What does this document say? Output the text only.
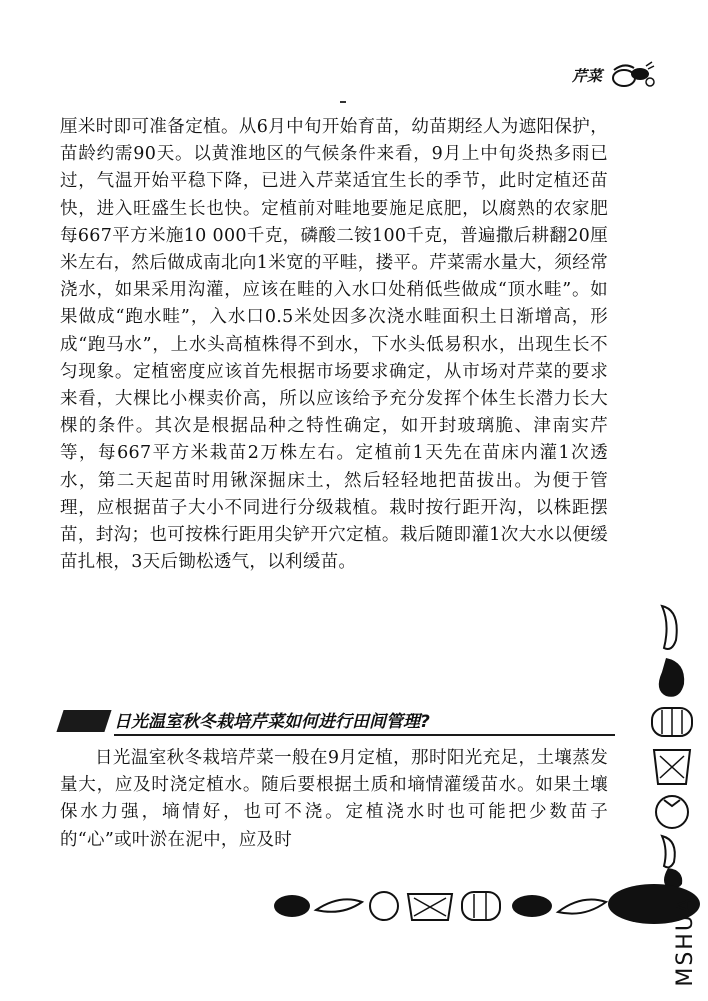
芹菜

厘米时即可准备定植。从6月中旬开始育苗，幼苗期经人为遮阳保护，苗龄约需90天。以黄淮地区的气候条件来看，9月上中旬炎热多雨已过，气温开始平稳下降，已进入芹菜适宜生长的季节，此时定植还苗快，进入旺盛生长也快。定植前对畦地要施足底肥，以腐熟的农家肥每667平方米施10 000千克，磷酸二铵100千克，普遍撒后耕翻20厘米左右，然后做成南北向1米宽的平畦，搂平。芹菜需水量大，须经常浇水，如果采用沟灌，应该在畦的入水口处稍低些做成“顶水畦”。如果做成“跑水畦”，入水口0.5米处因多次浇水畦面积土日渐增高，形成“跑马水”，上水头高植株得不到水，下水头低易积水，出现生长不匀现象。定植密度应该首先根据市场要求确定，从市场对芹菜的要求来看，大棵比小棵卖价高，所以应该给予充分发挥个体生长潜力长大棵的条件。其次是根据品种之特性确定，如开封玻璃脆、津南实芹等，每667平方米栽苗2万株左右。定植前1天先在苗床内灌1次透水，第二天起苗时用锹深掘床土，然后轻轻地把苗拔出。为便于管理，应根据苗子大小不同进行分级栽植。栽时按行距开沟，以株距摆苗，封沟；也可按株行距用尖铲开穴定植。栽后随即灌1次大水以便缓苗扎根，3天后锄松透气，以利缓苗。

日光温室秋冬栽培芹菜如何进行田间管理?

日光温室秋冬栽培芹菜一般在9月定植，那时阳光充足，土壤蒸发量大，应及时浇定植水。随后要根据土质和墒情灌缓苗水。如果土壤保水力强，墒情好，也可不浇。定植浇水时也可能把少数苗子的“心”或叶淤在泥中，应及时

MSHUA
